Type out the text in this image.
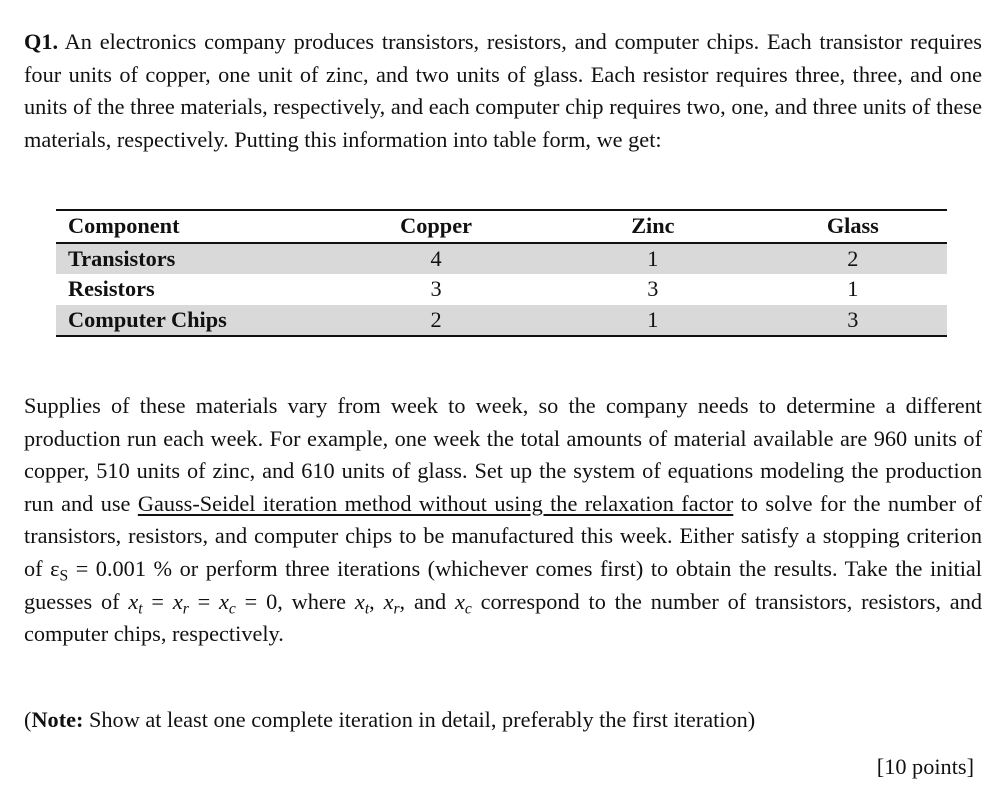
Q1. An electronics company produces transistors, resistors, and computer chips. Each transistor requires four units of copper, one unit of zinc, and two units of glass. Each resistor requires three, three, and one units of the three materials, respectively, and each computer chip requires two, one, and three units of these materials, respectively. Putting this information into table form, we get:

Supplies of these materials vary from week to week, so the company needs to determine a different production run each week. For example, one week the total amounts of material available are 960 units of copper, 510 units of zinc, and 610 units of glass. Set up the system of equations modeling the production run and use Gauss-Seidel iteration method without using the relaxation factor to solve for the number of transistors, resistors, and computer chips to be manufactured this week. Either satisfy a stopping criterion of $\varepsilon_S = 0.001$ % or perform three iterations (whichever comes first) to obtain the results. Take the initial guesses of $x_t = x_r = x_c = 0$, where $x_t$, $x_r$, and $x_c$ correspond to the number of transistors, resistors, and computer chips, respectively.

(Note: Show at least one complete iteration in detail, preferably the first iteration)

[10 points]
Component	Copper	Zinc	Glass
Transistors	4	1	2
Resistors	3	3	1
Computer Chips	2	1	3
